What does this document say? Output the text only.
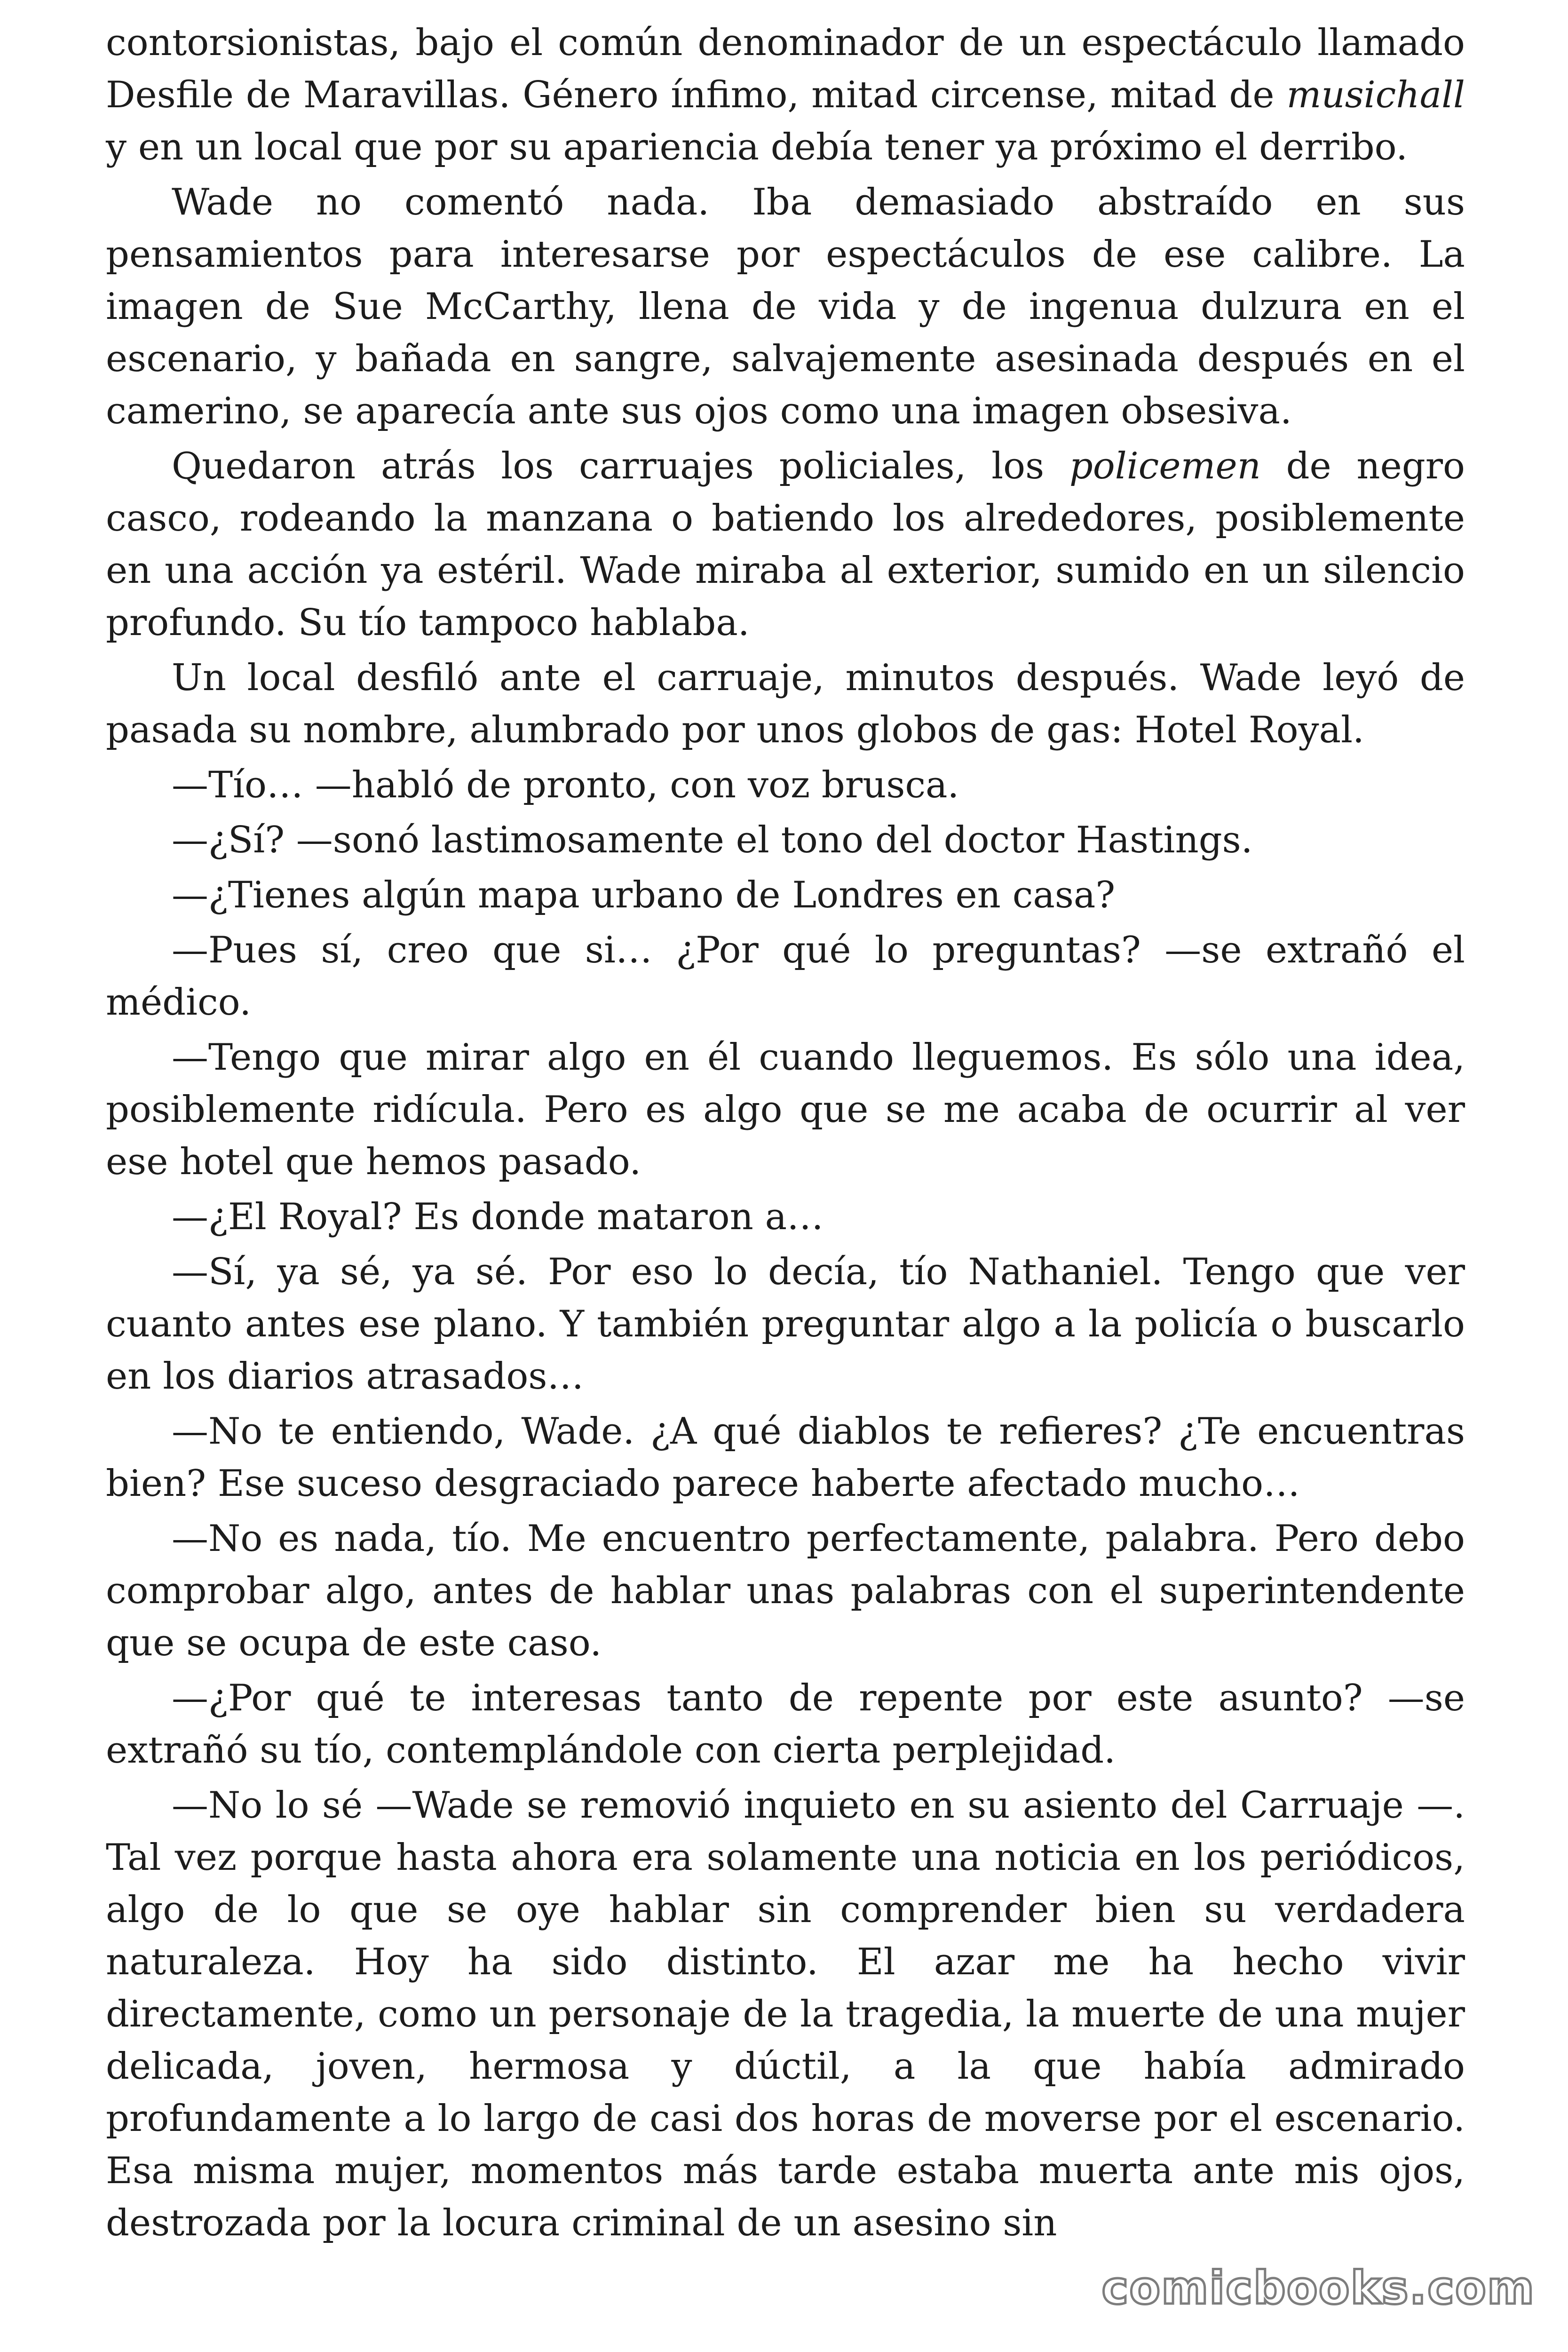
contorsionistas, bajo el común denominador de un espectáculo llamado Desfile de Maravillas. Género ínfimo, mitad circense, mitad de musichall y en un local que por su apariencia debía tener ya próximo el derribo.

Wade no comentó nada. Iba demasiado abstraído en sus pensamientos para interesarse por espectáculos de ese calibre. La imagen de Sue McCarthy, llena de vida y de ingenua dulzura en el escenario, y bañada en sangre, salvajemente asesinada después en el camerino, se aparecía ante sus ojos como una imagen obsesiva.

Quedaron atrás los carruajes policiales, los policemen de negro casco, rodeando la manzana o batiendo los alrededores, posiblemente en una acción ya estéril. Wade miraba al exterior, sumido en un silencio profundo. Su tío tampoco hablaba.

Un local desfiló ante el carruaje, minutos después. Wade leyó de pasada su nombre, alumbrado por unos globos de gas: Hotel Royal.

—Tío… —habló de pronto, con voz brusca.

—¿Sí? —sonó lastimosamente el tono del doctor Hastings.

—¿Tienes algún mapa urbano de Londres en casa?

—Pues sí, creo que si… ¿Por qué lo preguntas? —se extrañó el médico.

—Tengo que mirar algo en él cuando lleguemos. Es sólo una idea, posiblemente ridícula. Pero es algo que se me acaba de ocurrir al ver ese hotel que hemos pasado.

—¿El Royal? Es donde mataron a…

—Sí, ya sé, ya sé. Por eso lo decía, tío Nathaniel. Tengo que ver cuanto antes ese plano. Y también preguntar algo a la policía o buscarlo en los diarios atrasados…

—No te entiendo, Wade. ¿A qué diablos te refieres? ¿Te encuentras bien? Ese suceso desgraciado parece haberte afectado mucho…

—No es nada, tío. Me encuentro perfectamente, palabra. Pero debo comprobar algo, antes de hablar unas palabras con el superintendente que se ocupa de este caso.

—¿Por qué te interesas tanto de repente por este asunto? —se extrañó su tío, contemplándole con cierta perplejidad.

—No lo sé —Wade se removió inquieto en su asiento del Carruaje —. Tal vez porque hasta ahora era solamente una noticia en los periódicos, algo de lo que se oye hablar sin comprender bien su verdadera naturaleza. Hoy ha sido distinto. El azar me ha hecho vivir directamente, como un personaje de la tragedia, la muerte de una mujer delicada, joven, hermosa y dúctil, a la que había admirado profundamente a lo largo de casi dos horas de moverse por el escenario. Esa misma mujer, momentos más tarde estaba muerta ante mis ojos, destrozada por la locura criminal de un asesino sin

comicbooks.com
